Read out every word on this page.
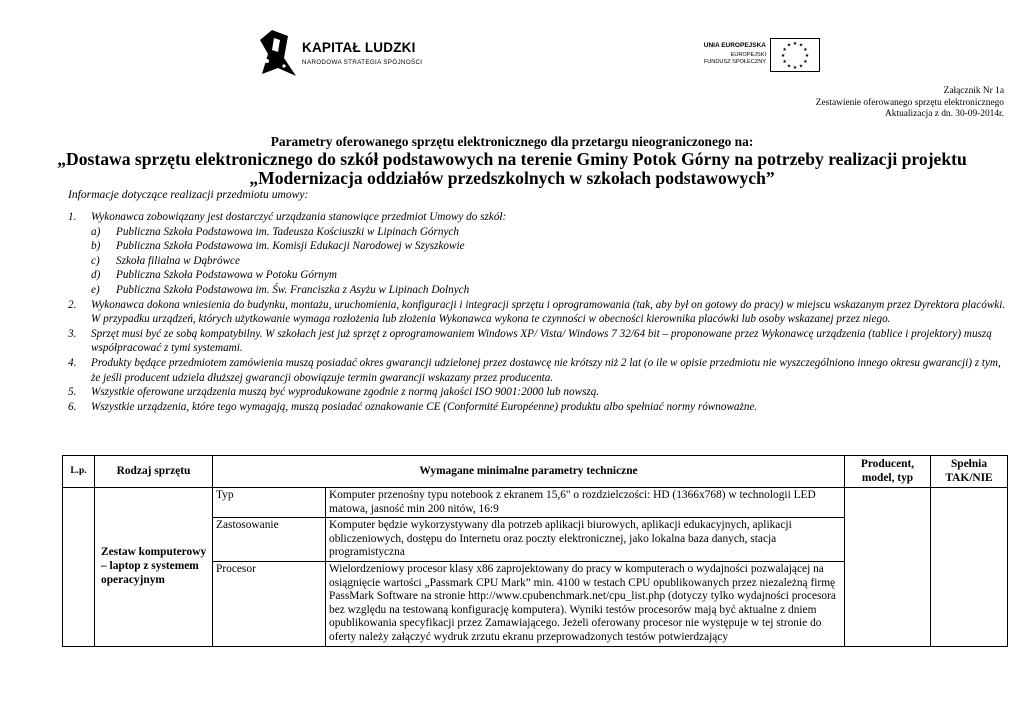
KAPITAŁ LUDZKI
NARODOWA STRATEGIA SPÓJNOŚCI
UNIA EUROPEJSKA
EUROPEJSKI
FUNDUSZ SPOŁECZNY
★ ★
★
★
★
★
★
★
★
★
★
★
Załącznik Nr 1a
Zestawienie oferowanego sprzętu elektronicznego
Aktualizacja z dn. 30-09-2014r.
Parametry oferowanego sprzętu elektronicznego dla przetargu nieograniczonego na:
„Dostawa sprzętu elektronicznego do szkół podstawowych na terenie Gminy Potok Górny na potrzeby realizacji projektu
„Modernizacja oddziałów przedszkolnych w szkołach podstawowych”
Informacje dotyczące realizacji przedmiotu umowy:
1. Wykonawca zobowiązany jest dostarczyć urządzania stanowiące przedmiot Umowy do szkół:
a) Publiczna Szkoła Podstawowa im. Tadeusza Kościuszki w Lipinach Górnych
b) Publiczna Szkoła Podstawowa im. Komisji Edukacji Narodowej w Szyszkowie
c) Szkoła filialna w Dąbrówce
d) Publiczna Szkoła Podstawowa w Potoku Górnym
e) Publiczna Szkoła Podstawowa im. Św. Franciszka z Asyżu w Lipinach Dolnych
2. Wykonawca dokona wniesienia do budynku, montażu, uruchomienia, konfiguracji i integracji sprzętu i oprogramowania (tak, aby był on gotowy do pracy) w miejscu wskazanym przez Dyrektora placówki. W przypadku urządzeń, których użytkowanie wymaga rozłożenia lub złożenia Wykonawca wykona te czynności w obecności kierownika placówki lub osoby wskazanej przez niego.
3. Sprzęt musi być ze sobą kompatybilny. W szkołach jest już sprzęt z oprogramowaniem Windows XP/ Vista/ Windows 7 32/64 bit – proponowane przez Wykonawcę urządzenia (tablice i projektory) muszą współpracować z tymi systemami.
4. Produkty będące przedmiotem zamówienia muszą posiadać okres gwarancji udzielonej przez dostawcę nie krótszy niż 2 lat (o ile w opisie przedmiotu nie wyszczególniono innego okresu gwarancji) z tym, że jeśli producent udziela dłuższej gwarancji obowiązuje termin gwarancji wskazany przez producenta.
5. Wszystkie oferowane urządzenia muszą być wyprodukowane zgodnie z normą jakości ISO 9001:2000 lub nowszą.
6. Wszystkie urządzenia, które tego wymagają, muszą posiadać oznakowanie CE (Conformité Européenne) produktu albo spełniać normy równoważne.
L.p.	Rodzaj sprzętu	Wymagane minimalne parametry techniczne		Producent, model, typ	Spełnia TAK/NIE
	Zestaw komputerowy – laptop z systemem operacyjnym	Typ	Komputer przenośny typu notebook z ekranem 15,6" o rozdzielczości: HD (1366x768) w technologii LED matowa, jasność min 200 nitów, 16:9		
		Zastosowanie	Komputer będzie wykorzystywany dla potrzeb aplikacji biurowych, aplikacji edukacyjnych, aplikacji obliczeniowych, dostępu do Internetu oraz poczty elektronicznej, jako lokalna baza danych, stacja programistyczna		
		Procesor	Wielordzeniowy procesor klasy x86 zaprojektowany do pracy w komputerach o wydajności pozwalającej na osiągnięcie wartości „Passmark CPU Mark” min. 4100 w testach CPU opublikowanych przez niezależną firmę PassMark Software na stronie http://www.cpubenchmark.net/cpu_list.php (dotyczy tylko wydajności procesora bez względu na testowaną konfigurację komputera). Wyniki testów procesorów mają być aktualne z dniem opublikowania specyfikacji przez Zamawiającego. Jeżeli oferowany procesor nie występuje w tej stronie do oferty należy załączyć wydruk zrzutu ekranu przeprowadzonych testów potwierdzający		
